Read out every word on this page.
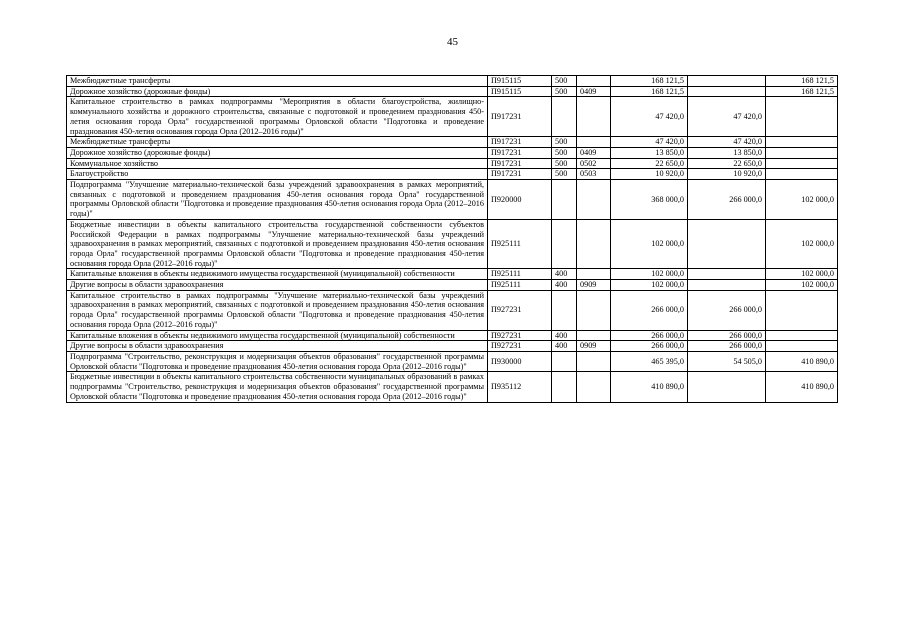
45
Межбюджетные трансферты	П915115	500		168 121,5		168 121,5
Дорожное хозяйство (дорожные фонды)	П915115	500	0409	168 121,5		168 121,5
Капитальное строительство в рамках подпрограммы "Мероприятия в области благоустройства, жилищно-коммунального хозяйства и дорожного строительства, связанные с подготовкой и проведением празднования 450-летия основания города Орла" государственной программы Орловской области "Подготовка и проведение празднования 450-летия основания города Орла (2012–2016 годы)"	П917231			47 420,0	47 420,0	
Межбюджетные трансферты	П917231	500		47 420,0	47 420,0	
Дорожное хозяйство (дорожные фонды)	П917231	500	0409	13 850,0	13 850,0	
Коммунальное хозяйство	П917231	500	0502	22 650,0	22 650,0	
Благоустройство	П917231	500	0503	10 920,0	10 920,0	
Подпрограмма "Улучшение материально-технической базы учреждений здравоохранения в рамках мероприятий, связанных с подготовкой и проведением празднования 450-летия основания города Орла" государственной программы Орловской области "Подготовка и проведение празднования 450-летия основания города Орла (2012–2016 годы)"	П920000			368 000,0	266 000,0	102 000,0
Бюджетные инвестиции в объекты капитального строительства государственной собственности субъектов Российской Федерации в рамках подпрограммы "Улучшение материально-технической базы учреждений здравоохранения в рамках мероприятий, связанных с подготовкой и проведением празднования 450-летия основания города Орла" государственной программы Орловской области "Подготовка и проведение празднования 450-летия основания города Орла (2012–2016 годы)"	П925111			102 000,0		102 000,0
Капитальные вложения в объекты недвижимого имущества государственной (муниципальной) собственности	П925111	400		102 000,0		102 000,0
Другие вопросы в области здравоохранения	П925111	400	0909	102 000,0		102 000,0
Капитальное строительство в рамках подпрограммы "Улучшение материально-технической базы учреждений здравоохранения в рамках мероприятий, связанных с подготовкой и проведением празднования 450-летия основания города Орла" государственной программы Орловской области "Подготовка и проведение празднования 450-летия основания города Орла (2012–2016 годы)"	П927231			266 000,0	266 000,0	
Капитальные вложения в объекты недвижимого имущества государственной (муниципальной) собственности	П927231	400		266 000,0	266 000,0	
Другие вопросы в области здравоохранения	П927231	400	0909	266 000,0	266 000,0	
Подпрограмма "Строительство, реконструкция и модернизация объектов образования" государственной программы Орловской области "Подготовка и проведение празднования 450-летия основания города Орла (2012–2016 годы)"	П930000			465 395,0	54 505,0	410 890,0
Бюджетные инвестиции в объекты капитального строительства собственности муниципальных образований в рамках подпрограммы "Строительство, реконструкция и модернизация объектов образования" государственной программы Орловской области "Подготовка и проведение празднования 450-летия основания города Орла (2012–2016 годы)"	П935112			410 890,0		410 890,0
